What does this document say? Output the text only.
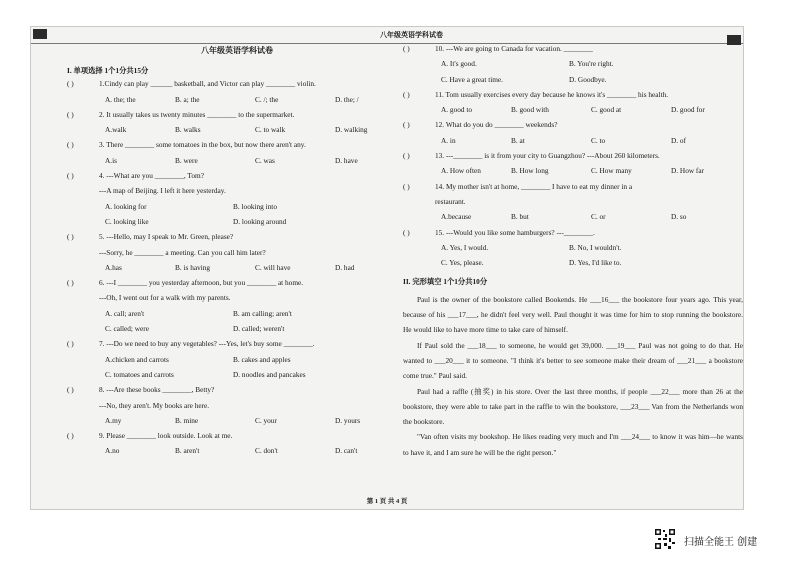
八年级英语学科试卷
八年级英语学科试卷
I. 单项选择 1个1分共15分
( )	1.Cindy can play ______ basketball, and Victor can play ________ violin.
A. the; the	B. a; the	C. /; the	D. the; /
( )	2. It usually takes us twenty minutes ________ to the supermarket.
A.walk	B. walks	C. to walk	D. walking
( )	3. There ________ some tomatoes in the box, but now there aren't any.
A.is	B. were	C. was	D. have
( )	4. ---What are you ________, Tom?
---A map of Beijing. I left it here yesterday.
A. looking for	B. looking into
C. looking like	D. looking around
( )	5. ---Hello, may I speak to Mr. Green, please?
---Sorry, he ________ a meeting. Can you call him later?
A.has	B. is having	C. will have	D. had
( )	6. ---I ________ you yesterday afternoon, but you ________ at home.
---Oh, I went out for a walk with my parents.
A. call; aren't	B. am calling; aren't
C. called; were	D. called; weren't
( )	7. ---Do we need to buy any vegetables? ---Yes, let's buy some ________.
A.chicken and carrots	B. cakes and apples
C. tomatoes and carrots	D. noodles and pancakes
( )	8. ---Are these books ________, Betty?
---No, they aren't. My books are here.
A.my	B. mine	C. your	D. yours
( )	9. Please ________ look outside. Look at me.
A.no	B. aren't	C. don't	D. can't
( )	10. ---We are going to Canada for vacation. ________
A. It's good.	B. You're right.
C. Have a great time.	D. Goodbye.
( )	11. Tom usually exercises every day because he knows it's ________ his health.
A. good to	B. good with	C. good at	D. good for
( )	12. What do you do ________ weekends?
A. in	B. at	C. to	D. of
( )	13. ---________ is it from your city to Guangzhou? ---About 260 kilometers.
A. How often	B. How long	C. How many	D. How far
( )	14. My mother isn't at home, ________ I have to eat my dinner in a
restaurant.
A.because	B. but	C. or	D. so
( )	15. ---Would you like some hamburgers? ---________.
A. Yes, I would.	B. No, I wouldn't.
C. Yes, please.	D. Yes, I'd like to.
II. 完形填空 1个1分共10分

Paul is the owner of the bookstore called Bookends. He ___16___ the bookstore four years ago. This year, because of his ___17___, he didn't feel very well. Paul thought it was time for him to stop running the bookstore. He would like to have more time to take care of himself.

If Paul sold the ___18___ to someone, he would get 39,000. ___19___ Paul was not going to do that. He wanted to ___20___ it to someone. "I think it's better to see someone make their dream of ___21___ a bookstore come true." Paul said.

Paul had a raffle (抽奖) in his store. Over the last three months, if people ___22___ more than 26 at the bookstore, they were able to take part in the raffle to win the bookstore, ___23___ Van from the Netherlands won the bookstore.

"Van often visits my bookshop. He likes reading very much and I'm ___24___ to know it was him—he wants to have it, and I am sure he will be the right person."

第 1 页 共 4 页
扫描全能王 创建
